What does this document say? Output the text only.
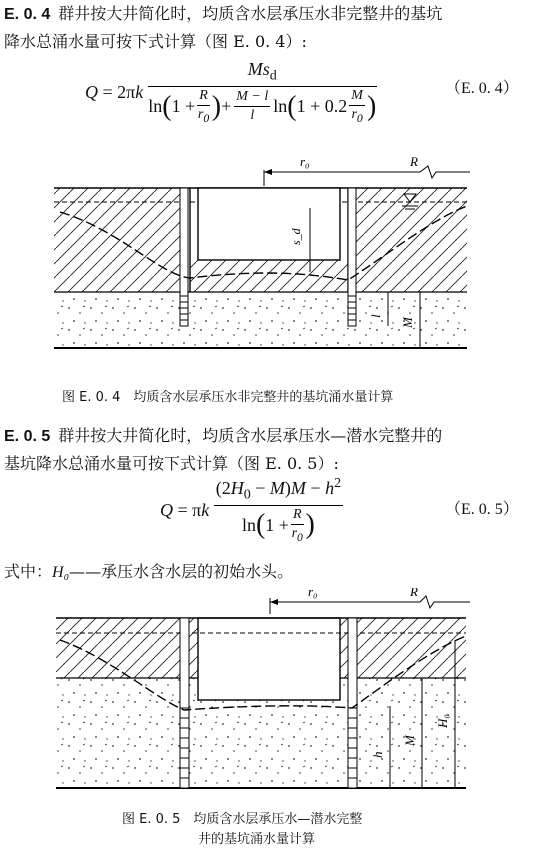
E. 0. 4 群井按大井简化时，均质含水层承压水非完整井的基坑
降水总涌水量可按下式计算（图 E. 0. 4）:
Q = 2π k

$Ms_d$
ln ( $1 + \frac{R}{r_0}$ ) + $\frac{M - l}{l}$ ln ( $1 + 0.2 \frac{M}{r_0}$ )
（E. 0. 4）
r₀	R
s_d
l
M
图 E. 0. 4　均质含水层承压水非完整井的基坑涌水量计算
E. 0. 5 群井按大井简化时，均质含水层承压水—潜水完整井的
基坑降水总涌水量可按下式计算（图 E. 0. 5）:
Q = π k
$\frac{(2H_0 - M)M - h^2}{\ln ( 1 + \frac{R}{r_0} )}$	（E. 0. 5）
式中：H₀——承压水含水层的初始水头。
r₀	R
h
M
H₀
图 E. 0. 5　均质含水层承压水—潜水完整
井的基坑涌水量计算
